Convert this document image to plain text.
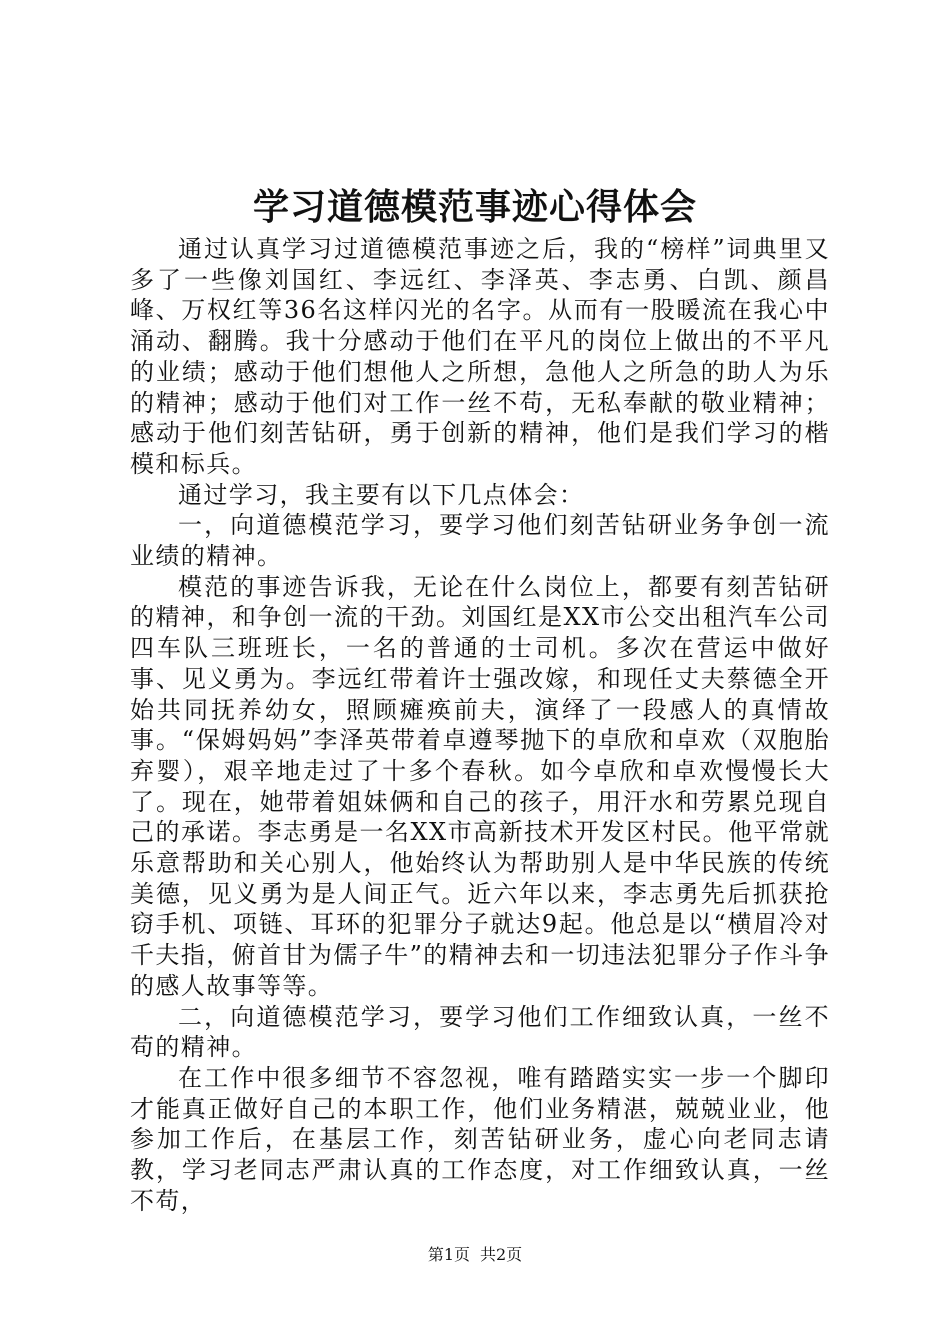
学习道德模范事迹心得体会

通过认真学习过道德模范事迹之后，我的“榜样”词典里又多了一些像刘国红、李远红、李泽英、李志勇、白凯、颜昌峰、万权红等36名这样闪光的名字。从而有一股暖流在我心中涌动、翻腾。我十分感动于他们在平凡的岗位上做出的不平凡的业绩；感动于他们想他人之所想，急他人之所急的助人为乐的精神；感动于他们对工作一丝不苟，无私奉献的敬业精神；感动于他们刻苦钻研，勇于创新的精神，他们是我们学习的楷模和标兵。

通过学习，我主要有以下几点体会：

一，向道德模范学习，要学习他们刻苦钻研业务争创一流业绩的精神。

模范的事迹告诉我，无论在什么岗位上，都要有刻苦钻研的精神，和争创一流的干劲。刘国红是XX市公交出租汽车公司四车队三班班长，一名的普通的士司机。多次在营运中做好事、见义勇为。李远红带着许士强改嫁，和现任丈夫蔡德全开始共同抚养幼女，照顾瘫痪前夫，演绎了一段感人的真情故事。“保姆妈妈”李泽英带着卓遵琴抛下的卓欣和卓欢（双胞胎弃婴），艰辛地走过了十多个春秋。如今卓欣和卓欢慢慢长大了。现在，她带着姐妹俩和自己的孩子，用汗水和劳累兑现自己的承诺。李志勇是一名XX市高新技术开发区村民。他平常就乐意帮助和关心别人，他始终认为帮助别人是中华民族的传统美德，见义勇为是人间正气。近六年以来，李志勇先后抓获抢窃手机、项链、耳环的犯罪分子就达9起。他总是以“横眉冷对千夫指，俯首甘为儒子牛”的精神去和一切违法犯罪分子作斗争的感人故事等等。

二，向道德模范学习，要学习他们工作细致认真，一丝不苟的精神。

在工作中很多细节不容忽视，唯有踏踏实实一步一个脚印才能真正做好自己的本职工作，他们业务精湛，兢兢业业，他参加工作后，在基层工作，刻苦钻研业务，虚心向老同志请教，学习老同志严肃认真的工作态度，对工作细致认真，一丝不苟，

第1页 共2页
